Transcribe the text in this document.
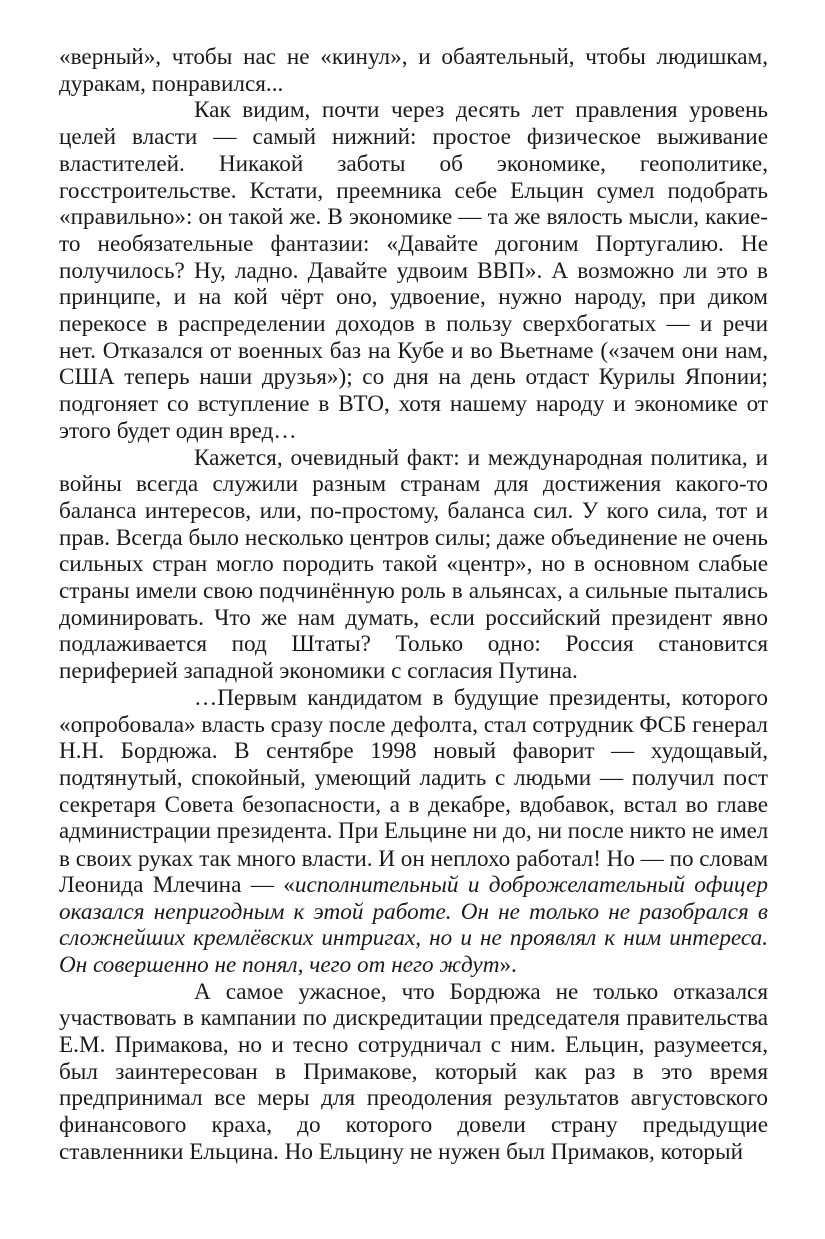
«верный», чтобы нас не «кинул», и обаятельный, чтобы людишкам,
дуракам, понравился...
Как видим, почти через десять лет правления уровень
целей власти — самый нижний: простое физическое выживание
властителей. Никакой заботы об экономике, геополитике,
госстроительстве. Кстати, преемника себе Ельцин сумел подобрать
«правильно»: он такой же. В экономике — та же вялость мысли, какие-
то необязательные фантазии: «Давайте догоним Португалию. Не
получилось? Ну, ладно. Давайте удвоим ВВП». А возможно ли это в
принципе, и на кой чёрт оно, удвоение, нужно народу, при диком
перекосе в распределении доходов в пользу сверхбогатых — и речи
нет. Отказался от военных баз на Кубе и во Вьетнаме («зачем они нам,
США теперь наши друзья»); со дня на день отдаст Курилы Японии;
подгоняет со вступление в ВТО, хотя нашему народу и экономике от
этого будет один вред…
Кажется, очевидный факт: и международная политика, и
войны всегда служили разным странам для достижения какого-то
баланса интересов, или, по-простому, баланса сил. У кого сила, тот и
прав. Всегда было несколько центров силы; даже объединение не очень
сильных стран могло породить такой «центр», но в основном слабые
страны имели свою подчинённую роль в альянсах, а сильные пытались
доминировать. Что же нам думать, если российский президент явно
подлаживается под Штаты? Только одно: Россия становится
периферией западной экономики с согласия Путина.
…Первым кандидатом в будущие президенты, которого
«опробовала» власть сразу после дефолта, стал сотрудник ФСБ генерал
Н.Н. Бордюжа. В сентябре 1998 новый фаворит — худощавый,
подтянутый, спокойный, умеющий ладить с людьми — получил пост
секретаря Совета безопасности, а в декабре, вдобавок, встал во главе
администрации президента. При Ельцине ни до, ни после никто не имел
в своих руках так много власти. И он неплохо работал! Но — по словам
Леонида Млечина — «исполнительный и доброжелательный офицер
оказался непригодным к этой работе. Он не только не разобрался в
сложнейших кремлёвских интригах, но и не проявлял к ним интереса.
Он совершенно не понял, чего от него ждут».
А самое ужасное, что Бордюжа не только отказался
участвовать в кампании по дискредитации председателя правительства
Е.М. Примакова, но и тесно сотрудничал с ним. Ельцин, разумеется,
был заинтересован в Примакове, который как раз в это время
предпринимал все меры для преодоления результатов августовского
финансового краха, до которого довели страну предыдущие
ставленники Ельцина. Но Ельцину не нужен был Примаков, который
